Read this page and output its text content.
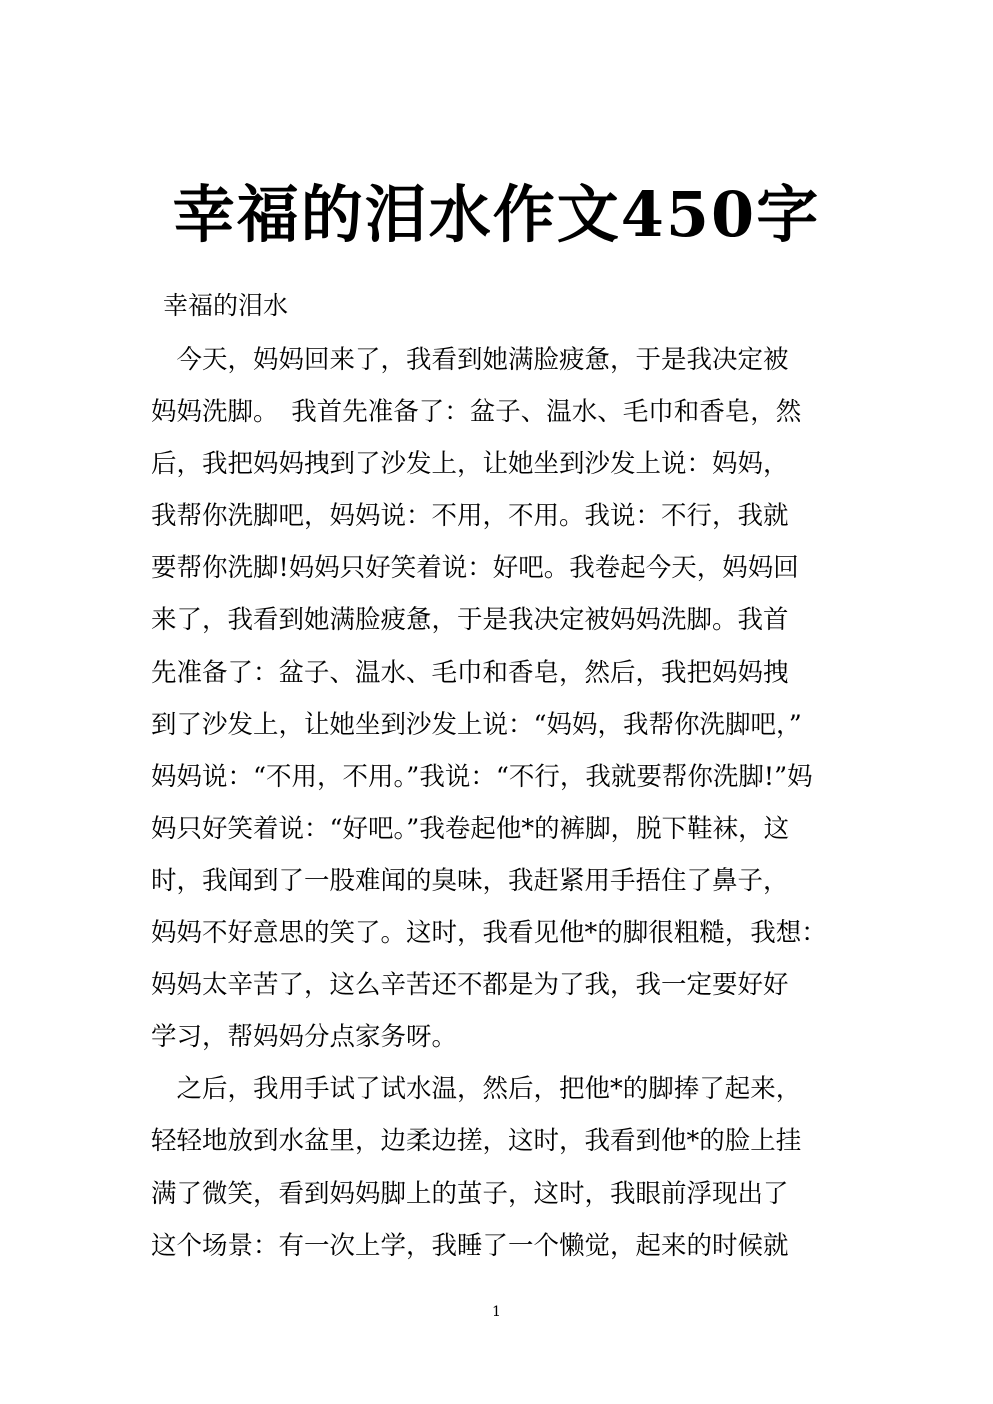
幸福的泪水作文450字
幸福的泪水
　今天，妈妈回来了，我看到她满脸疲惫，于是我决定被
妈妈洗脚。　我首先准备了：盆子、温水、毛巾和香皂，然
后，我把妈妈拽到了沙发上，让她坐到沙发上说：妈妈，
我帮你洗脚吧，妈妈说：不用，不用。我说：不行，我就
要帮你洗脚!妈妈只好笑着说：好吧。我卷起今天，妈妈回
来了，我看到她满脸疲惫，于是我决定被妈妈洗脚。我首
先准备了：盆子、温水、毛巾和香皂，然后，我把妈妈拽
到了沙发上，让她坐到沙发上说：“妈妈，我帮你洗脚吧，”
妈妈说：“不用，不用。”我说：“不行，我就要帮你洗脚!”妈
妈只好笑着说：“好吧。”我卷起他*的裤脚，脱下鞋袜，这
时，我闻到了一股难闻的臭味，我赶紧用手捂住了鼻子，
妈妈不好意思的笑了。这时，我看见他*的脚很粗糙，我想：
妈妈太辛苦了，这么辛苦还不都是为了我，我一定要好好
学习，帮妈妈分点家务呀。
　之后，我用手试了试水温，然后，把他*的脚捧了起来，
轻轻地放到水盆里，边柔边搓，这时，我看到他*的脸上挂
满了微笑，看到妈妈脚上的茧子，这时，我眼前浮现出了
这个场景：有一次上学，我睡了一个懒觉，起来的时候就
1
